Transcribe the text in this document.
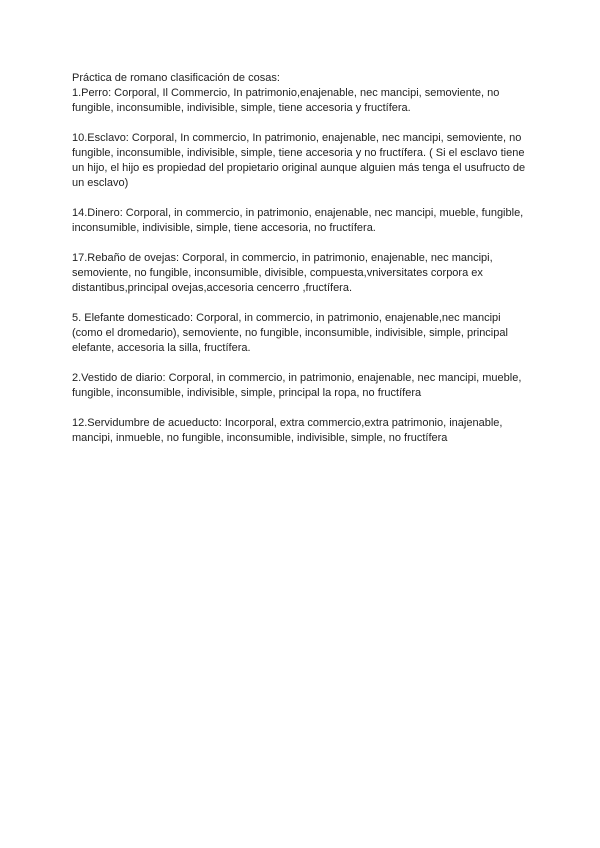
Práctica de romano clasificación de cosas:

1.Perro: Corporal, Il Commercio, In patrimonio,enajenable, nec mancipi, semoviente, no fungible, inconsumible, indivisible, simple, tiene accesoria y fructífera.

10.Esclavo: Corporal, In commercio, In patrimonio, enajenable, nec mancipi, semoviente, no fungible, inconsumible, indivisible, simple, tiene accesoria y no fructífera. ( Si el esclavo tiene un hijo, el hijo es propiedad del propietario original aunque alguien más tenga el usufructo de un esclavo)

14.Dinero: Corporal, in commercio, in patrimonio, enajenable, nec mancipi, mueble, fungible, inconsumible, indivisible, simple, tiene accesoria, no fructífera.

17.Rebaño de ovejas: Corporal, in commercio, in patrimonio, enajenable, nec mancipi, semoviente, no fungible, inconsumible, divisible, compuesta,vniversitates corpora ex distantibus,principal ovejas,accesoria cencerro ,fructífera.

5. Elefante domesticado: Corporal, in commercio, in patrimonio, enajenable,nec mancipi (como el dromedario), semoviente, no fungible, inconsumible, indivisible, simple, principal elefante, accesoria la silla, fructífera.

2.Vestido de diario: Corporal, in commercio, in patrimonio, enajenable, nec mancipi, mueble, fungible, inconsumible, indivisible, simple, principal la ropa, no fructífera

12.Servidumbre de acueducto: Incorporal, extra commercio,extra patrimonio, inajenable, mancipi, inmueble, no fungible, inconsumible, indivisible, simple, no fructífera
